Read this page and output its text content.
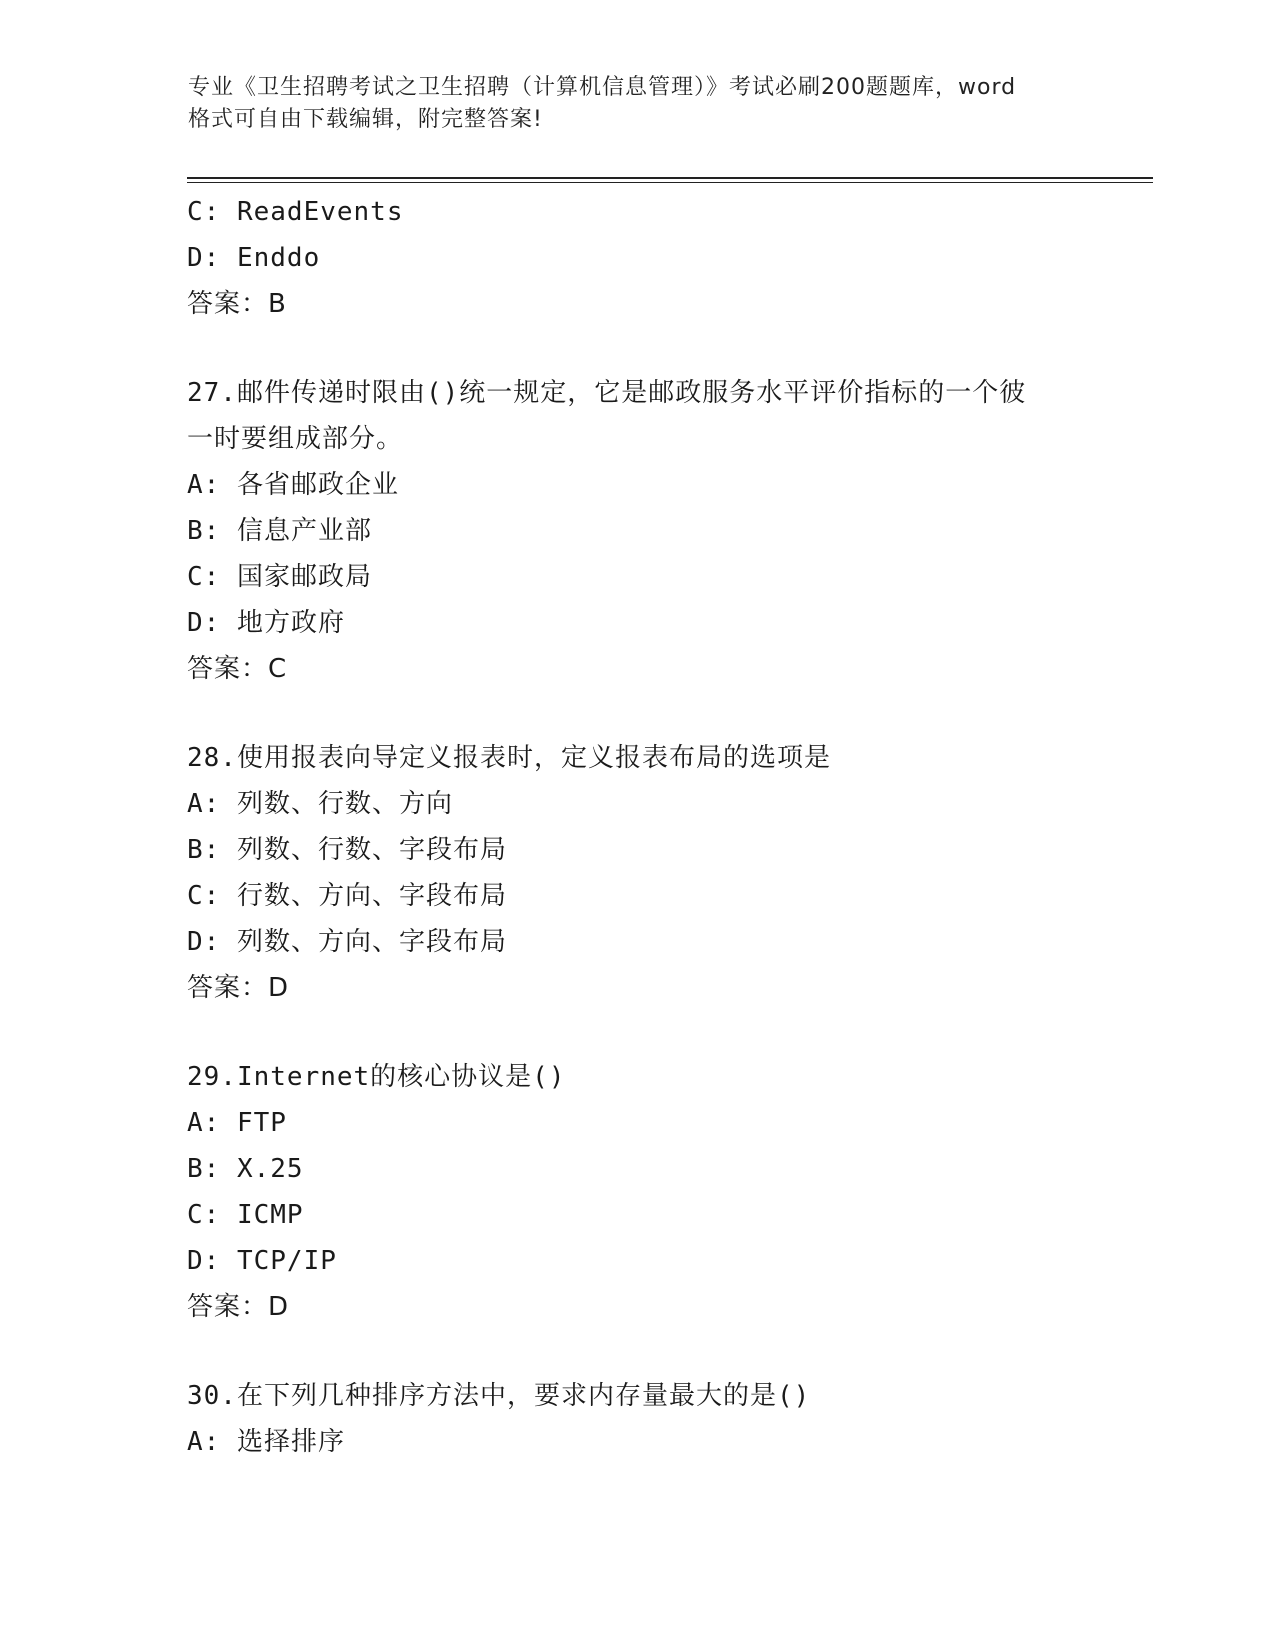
专业《卫生招聘考试之卫生招聘（计算机信息管理）》考试必刷200题题库，word
格式可自由下载编辑，附完整答案!
C: ReadEvents
D: Enddo
答案：B
27.邮件传递时限由()统一规定，它是邮政服务水平评价指标的一个彼
一时要组成部分。
A: 各省邮政企业
B: 信息产业部
C: 国家邮政局
D: 地方政府
答案：C
28.使用报表向导定义报表时，定义报表布局的选项是
A: 列数、行数、方向
B: 列数、行数、字段布局
C: 行数、方向、字段布局
D: 列数、方向、字段布局
答案：D
29.Internet的核心协议是()
A: FTP
B: X.25
C: ICMP
D: TCP/IP
答案：D
30.在下列几种排序方法中，要求内存量最大的是()
A: 选择排序
